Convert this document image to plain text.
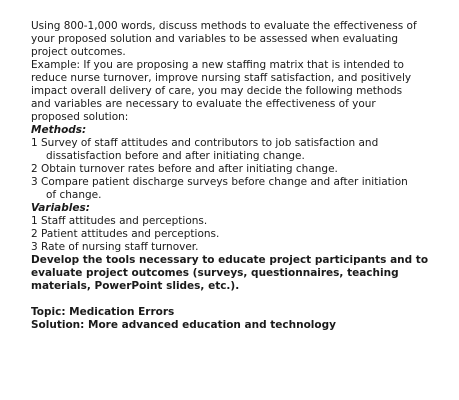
Using 800-1,000 words, discuss methods to evaluate the effectiveness of
your proposed solution and variables to be assessed when evaluating
project outcomes.
Example: If you are proposing a new staffing matrix that is intended to
reduce nurse turnover, improve nursing staff satisfaction, and positively
impact overall delivery of care, you may decide the following methods
and variables are necessary to evaluate the effectiveness of your
proposed solution:
Methods:
1 Survey of staff attitudes and contributors to job satisfaction and
dissatisfaction before and after initiating change.
2 Obtain turnover rates before and after initiating change.
3 Compare patient discharge surveys before change and after initiation
of change.
Variables:
1 Staff attitudes and perceptions.
2 Patient attitudes and perceptions.
3 Rate of nursing staff turnover.
Develop the tools necessary to educate project participants and to
evaluate project outcomes (surveys, questionnaires, teaching
materials, PowerPoint slides, etc.).
Topic: Medication Errors
Solution: More advanced education and technology
